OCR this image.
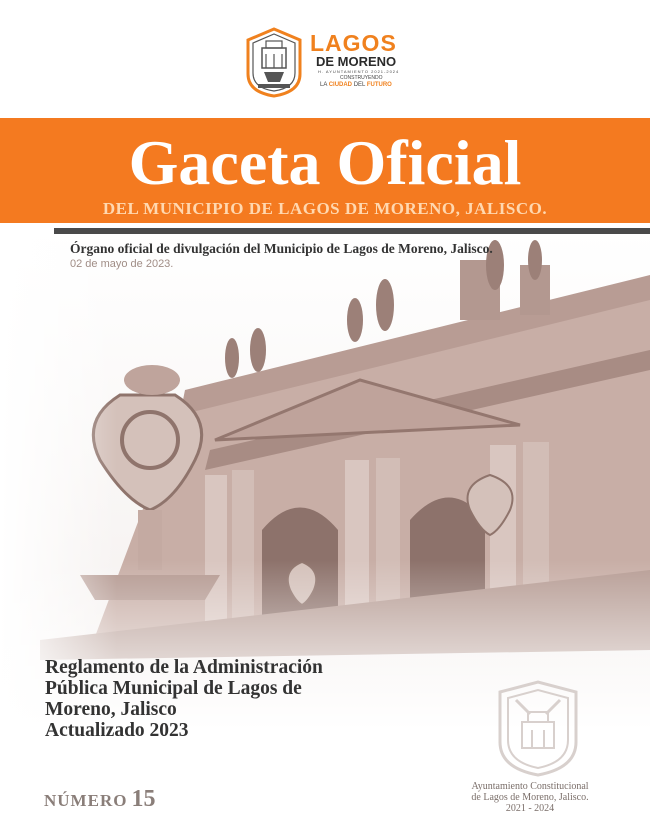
LAGOS
DE MORENO
H. AYUNTAMIENTO 2021-2024
CONSTRUYENDO
LA CIUDAD DEL FUTURO
Gaceta Oficial
DEL MUNICIPIO DE LAGOS DE MORENO, JALISCO.
Órgano oficial de divulgación del Municipio de Lagos de Moreno, Jalisco.
02 de mayo de 2023.
Reglamento de la Administración
Pública Municipal de Lagos de
Moreno, Jalisco
Actualizado 2023
NÚMERO 15	Ayuntamiento Constitucional
de Lagos de Moreno, Jalisco.
2021 - 2024
